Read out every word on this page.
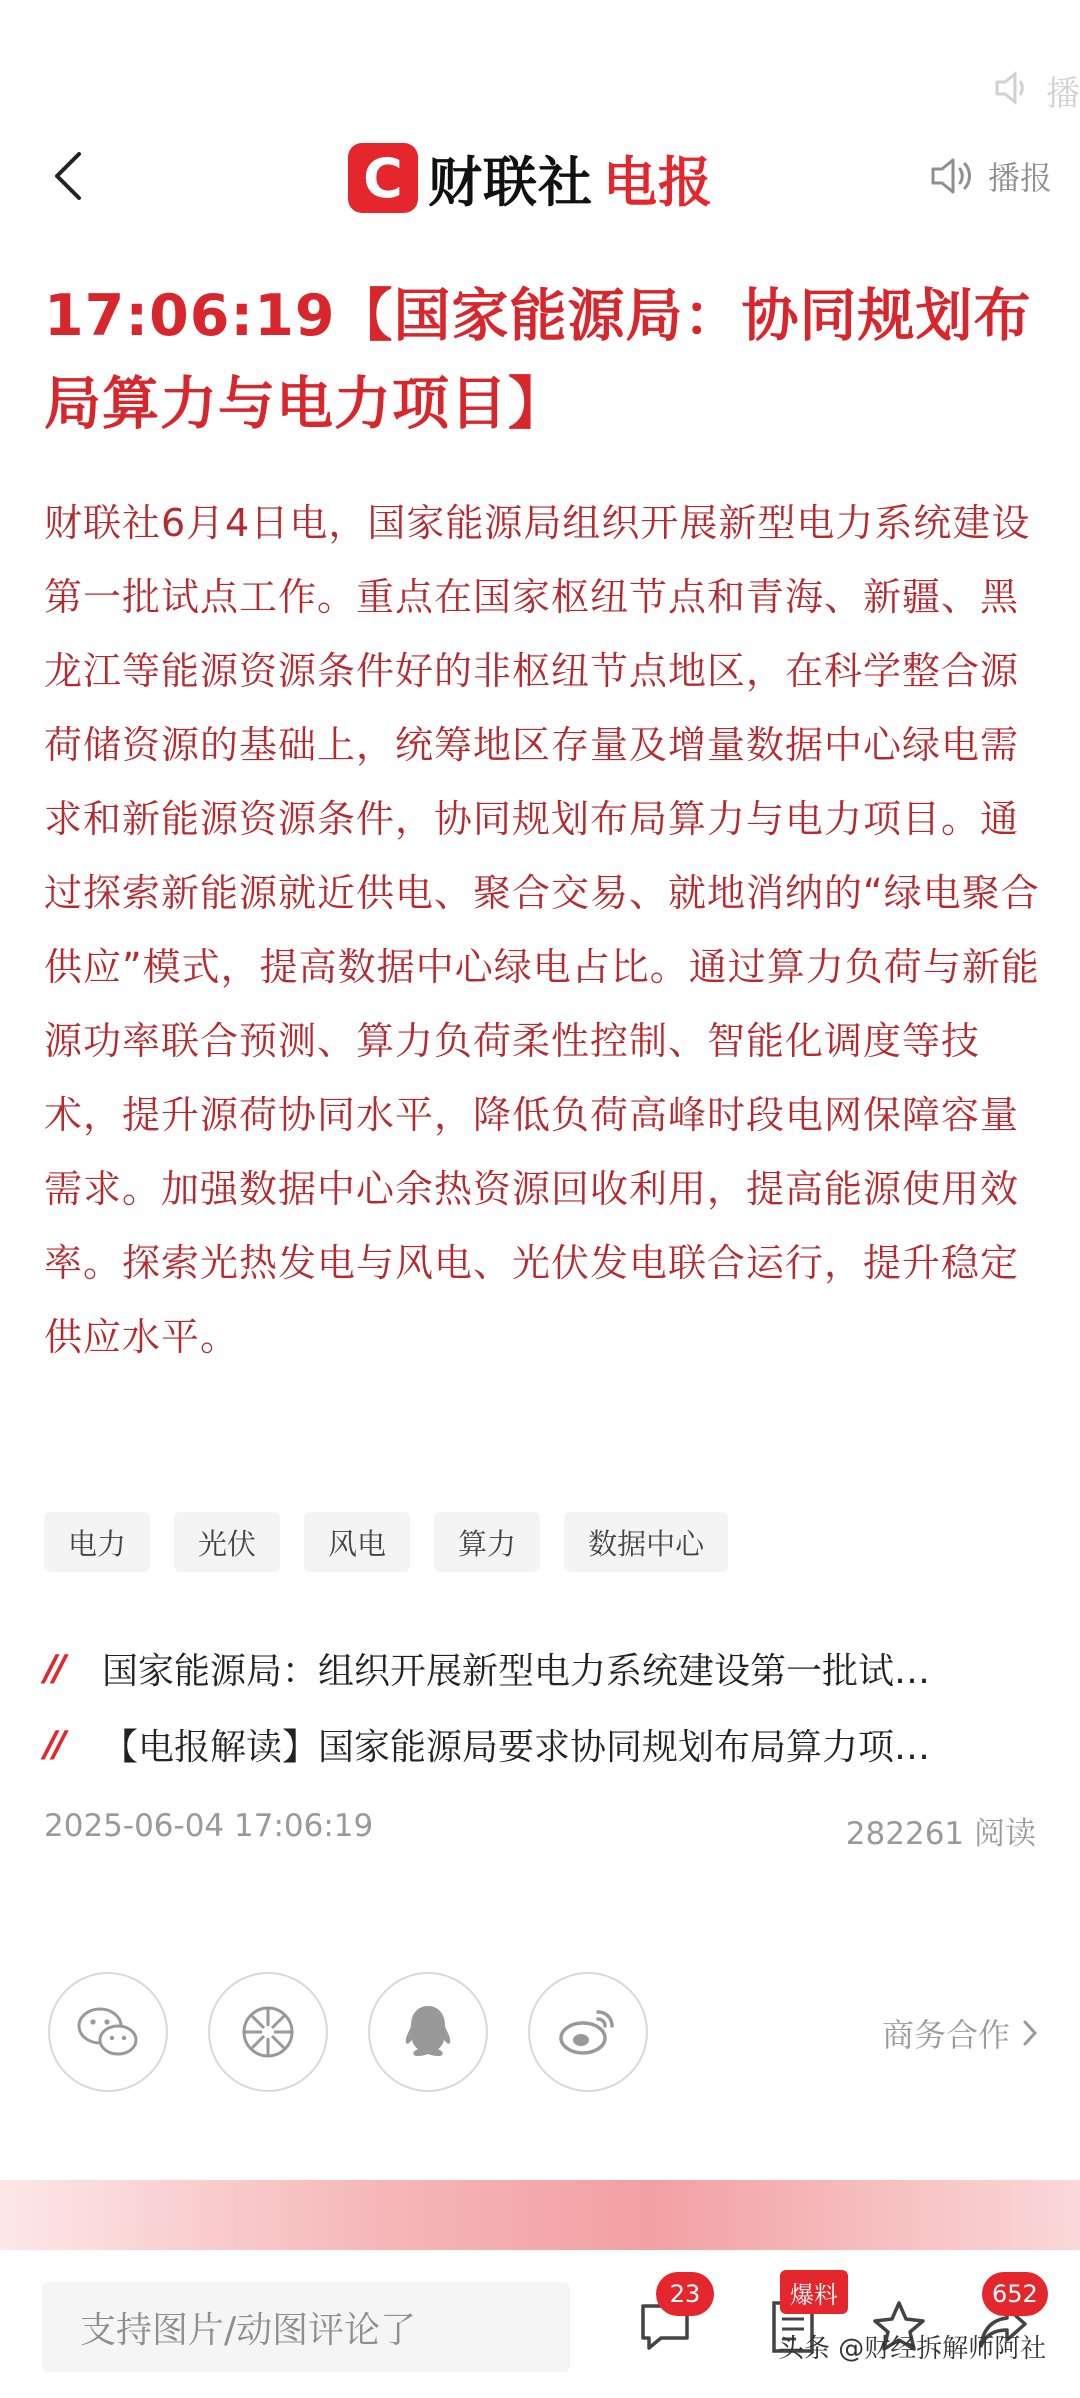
播
C 财联社 电报	播报
17:06:19【国家能源局：协同规划布局算力与电力项目】

财联社6月4日电，国家能源局组织开展新型电力系统建设第一批试点工作。重点在国家枢纽节点和青海、新疆、黑龙江等能源资源条件好的非枢纽节点地区，在科学整合源荷储资源的基础上，统筹地区存量及增量数据中心绿电需求和新能源资源条件，协同规划布局算力与电力项目。通过探索新能源就近供电、聚合交易、就地消纳的“绿电聚合供应”模式，提高数据中心绿电占比。通过算力负荷与新能源功率联合预测、算力负荷柔性控制、智能化调度等技术，提升源荷协同水平，降低负荷高峰时段电网保障容量需求。加强数据中心余热资源回收利用，提高能源使用效率。探索光热发电与风电、光伏发电联合运行，提升稳定供应水平。

电力	光伏	风电	算力	数据中心
//	国家能源局：组织开展新型电力系统建设第一批试…
//	【电报解读】国家能源局要求协同规划布局算力项…
2025-06-04 17:06:19	282261 阅读
商务合作
支持图片/动图评论了
23	爆料	652
头条 @财经拆解师阿社
